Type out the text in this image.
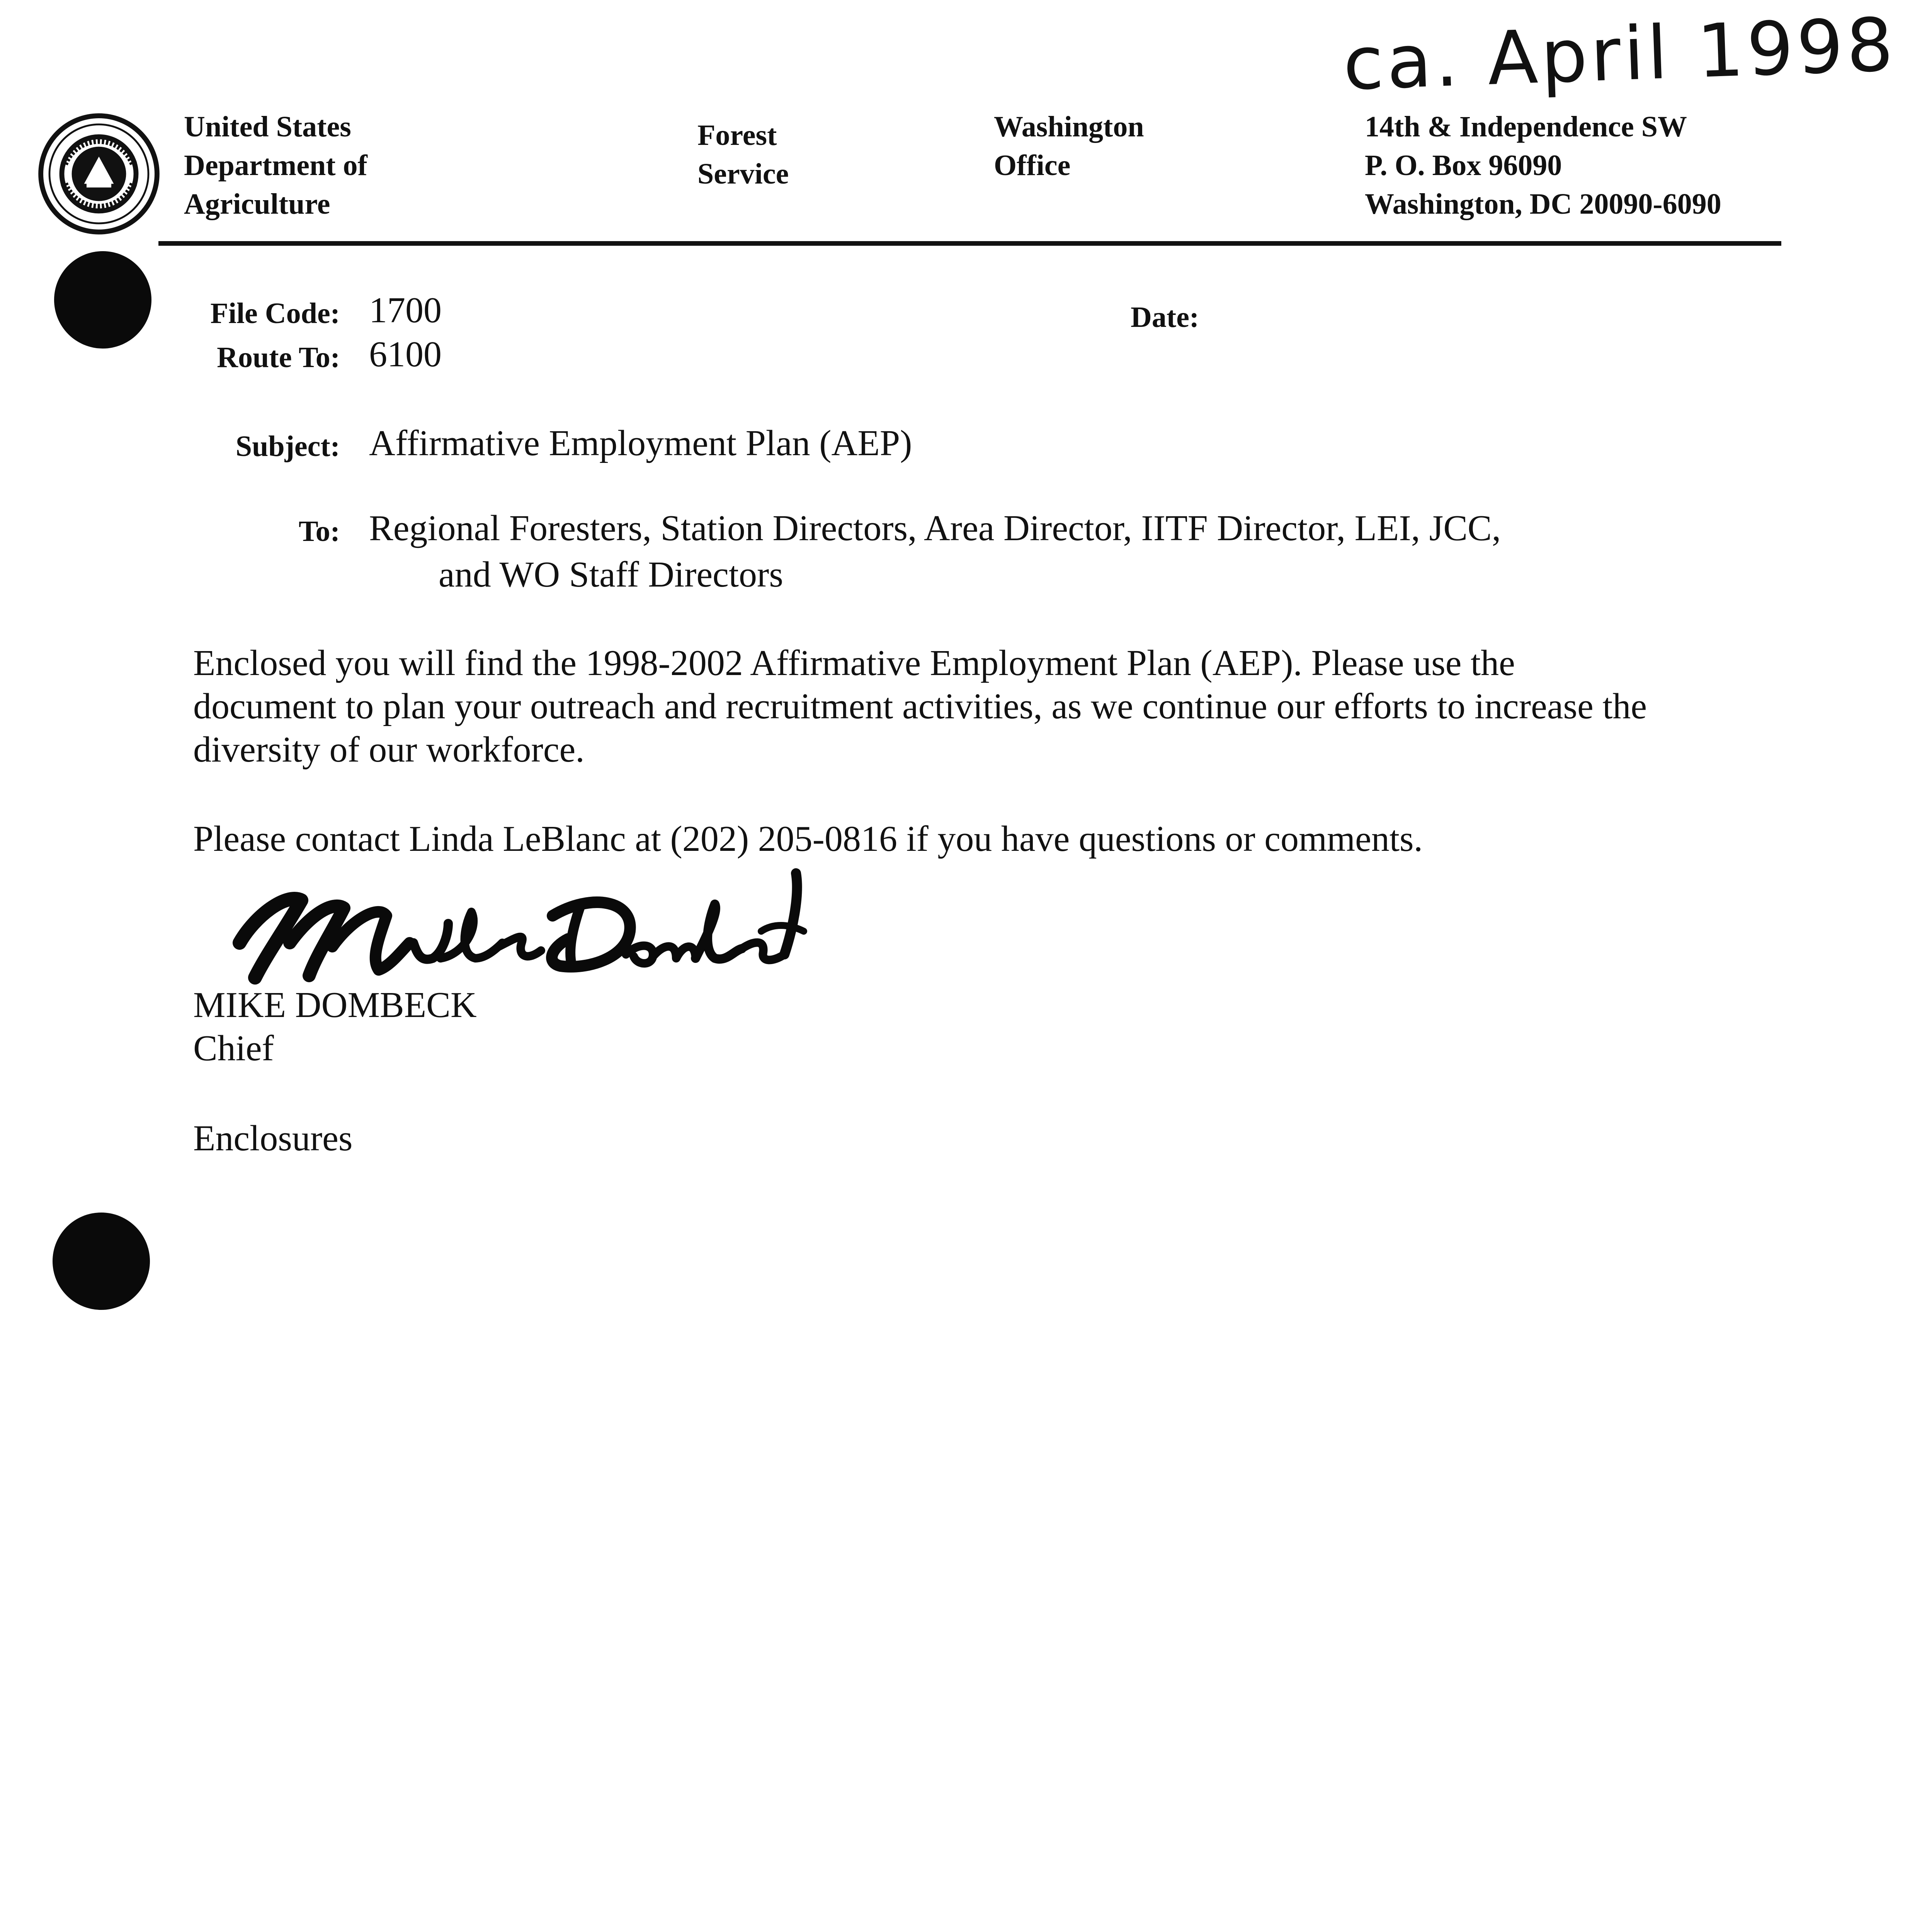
United States
Department of
Agriculture
Forest
Service
Washington
Office
ca. April 1998
14th & Independence SW
P. O. Box 96090
Washington, DC 20090-6090
File Code: 1700
Route To: 6100
Date:
Subject: Affirmative Employment Plan (AEP)
To: Regional Foresters, Station Directors, Area Director, IITF Director, LEI, JCC,
and WO Staff Directors
Enclosed you will find the 1998-2002 Affirmative Employment Plan (AEP). Please use the
document to plan your outreach and recruitment activities, as we continue our efforts to increase the
diversity of our workforce.
Please contact Linda LeBlanc at (202) 205-0816 if you have questions or comments.
MIKE DOMBECK
Chief
Enclosures
